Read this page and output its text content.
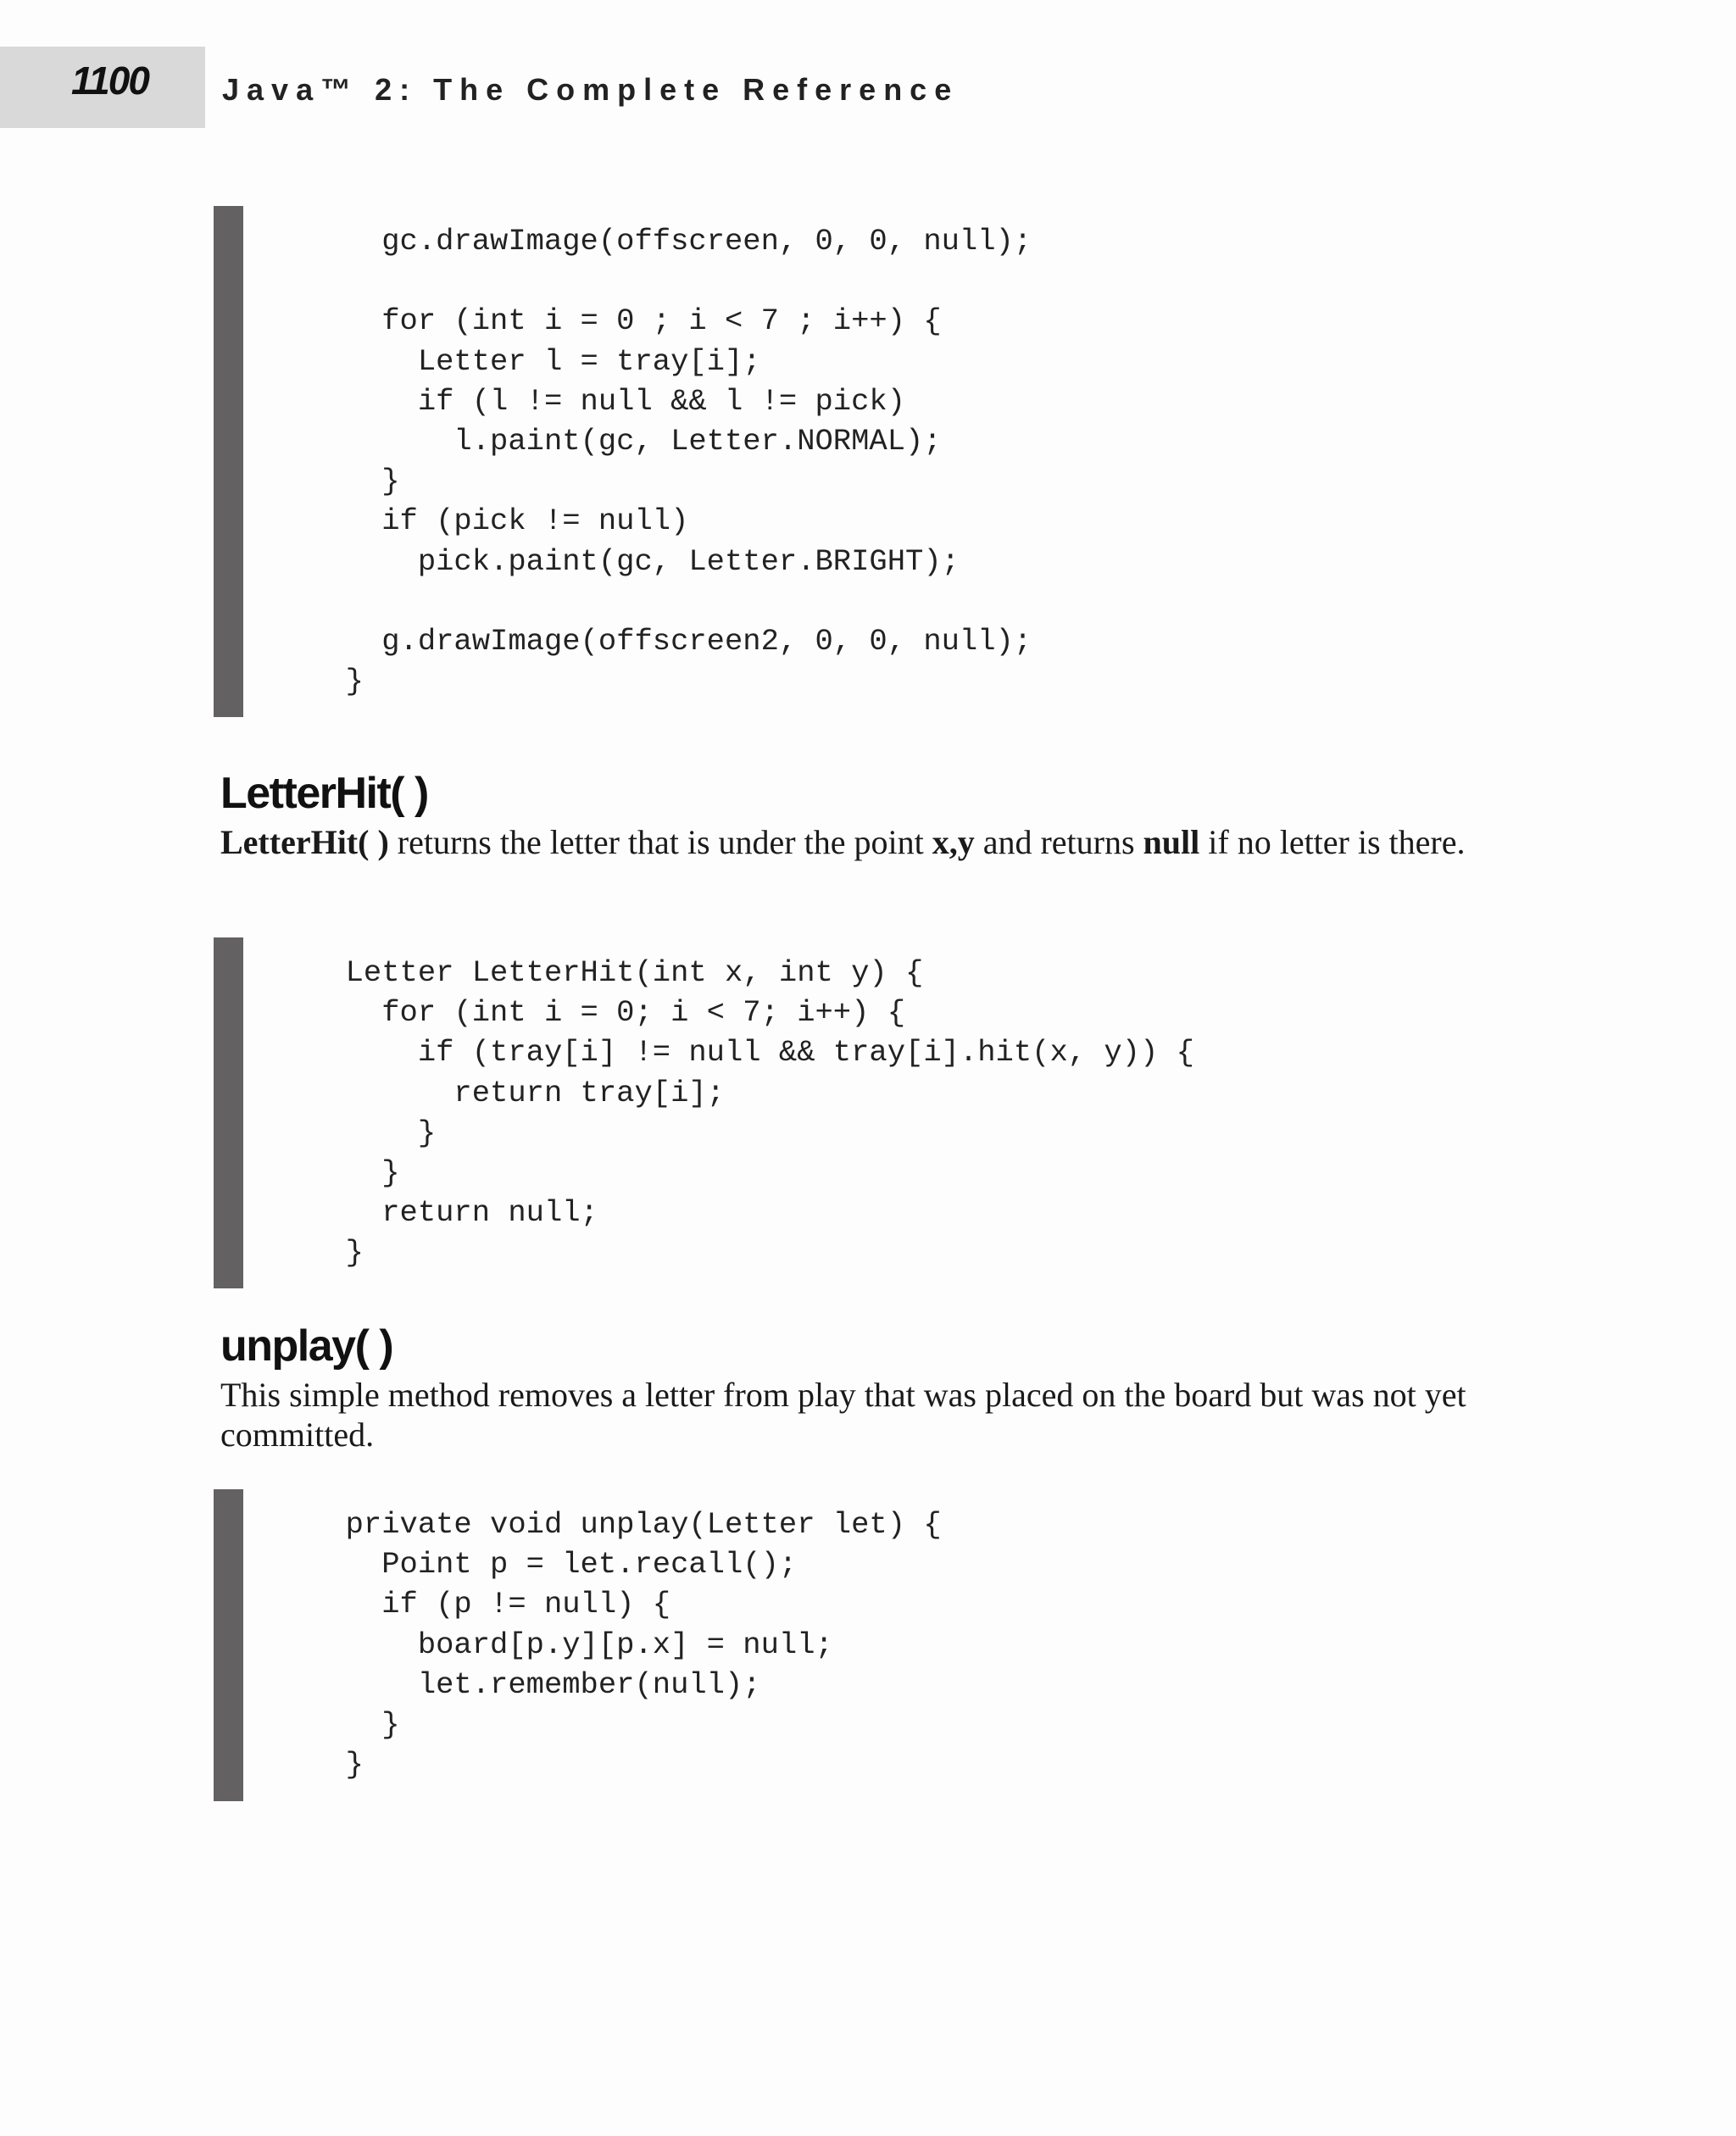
1100 Java™ 2: The Complete Reference
gc.drawImage(offscreen, 0, 0, null);

for (int i = 0 ; i < 7 ; i++) {
Letter l = tray[i];
if (l != null && l != pick)
l.paint(gc, Letter.NORMAL);
}
if (pick != null)
pick.paint(gc, Letter.BRIGHT);

g.drawImage(offscreen2, 0, 0, null);
}
LetterHit( )

LetterHit( ) returns the letter that is under the point x,y and returns null if no letter is there.

Letter LetterHit(int x, int y) {
for (int i = 0; i < 7; i++) {
if (tray[i] != null && tray[i].hit(x, y)) {
return tray[i];
}
}
return null;
}
unplay( )

This simple method removes a letter from play that was placed on the board but was not yet committed.

private void unplay(Letter let) {
Point p = let.recall();
if (p != null) {
board[p.y][p.x] = null;
let.remember(null);
}
}
